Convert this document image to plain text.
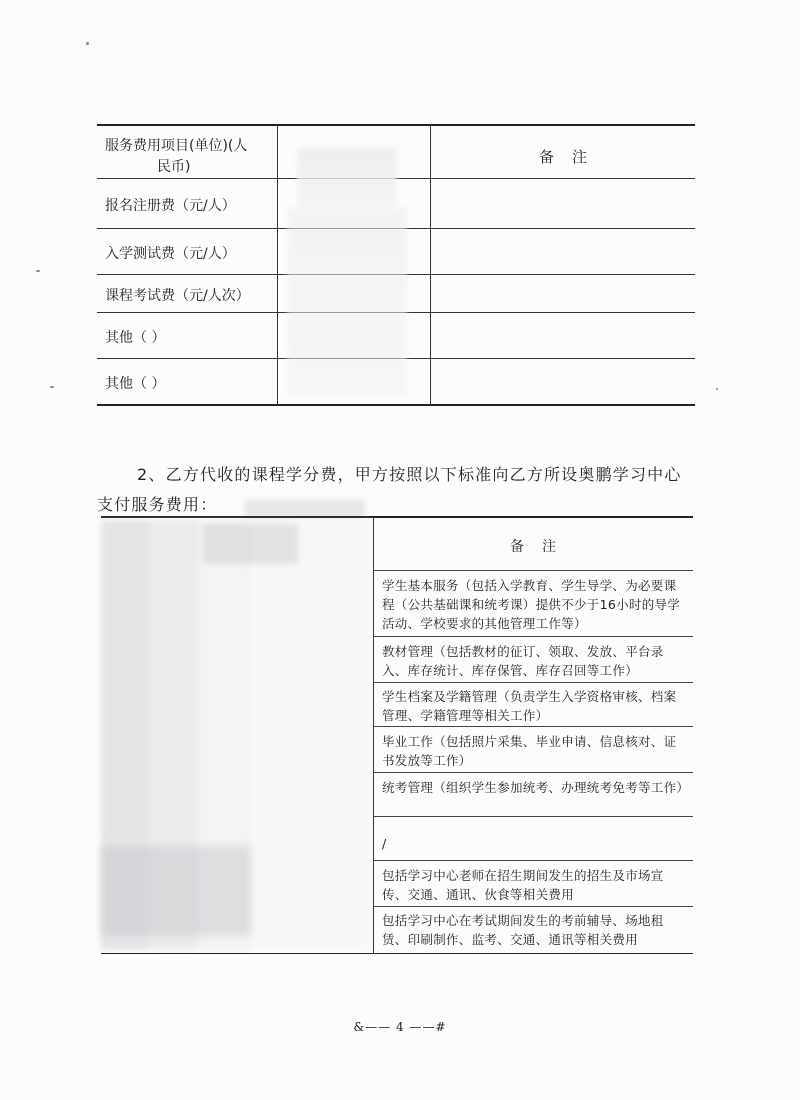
服务费用项目(单位)(人
民币)
备注
报名注册费（元/人）
入学测试费（元/人）
课程考试费（元/人次）
其他（ ）
其他（ ）
2、乙方代收的课程学分费，甲方按照以下标准向乙方所设奥鹏学习中心支付服务费用：
备注
学生基本服务（包括入学教育、学生导学、为必要课程（公共基础课和统考课）提供不少于16小时的导学活动、学校要求的其他管理工作等）
教材管理（包括教材的征订、领取、发放、平台录入、库存统计、库存保管、库存召回等工作）
学生档案及学籍管理（负责学生入学资格审核、档案管理、学籍管理等相关工作）
毕业工作（包括照片采集、毕业申请、信息核对、证书发放等工作）
统考管理（组织学生参加统考、办理统考免考等工作）
/
包括学习中心老师在招生期间发生的招生及市场宣传、交通、通讯、伙食等相关费用
包括学习中心在考试期间发生的考前辅导、场地租赁、印刷制作、监考、交通、通讯等相关费用
&—— 4 ——#
